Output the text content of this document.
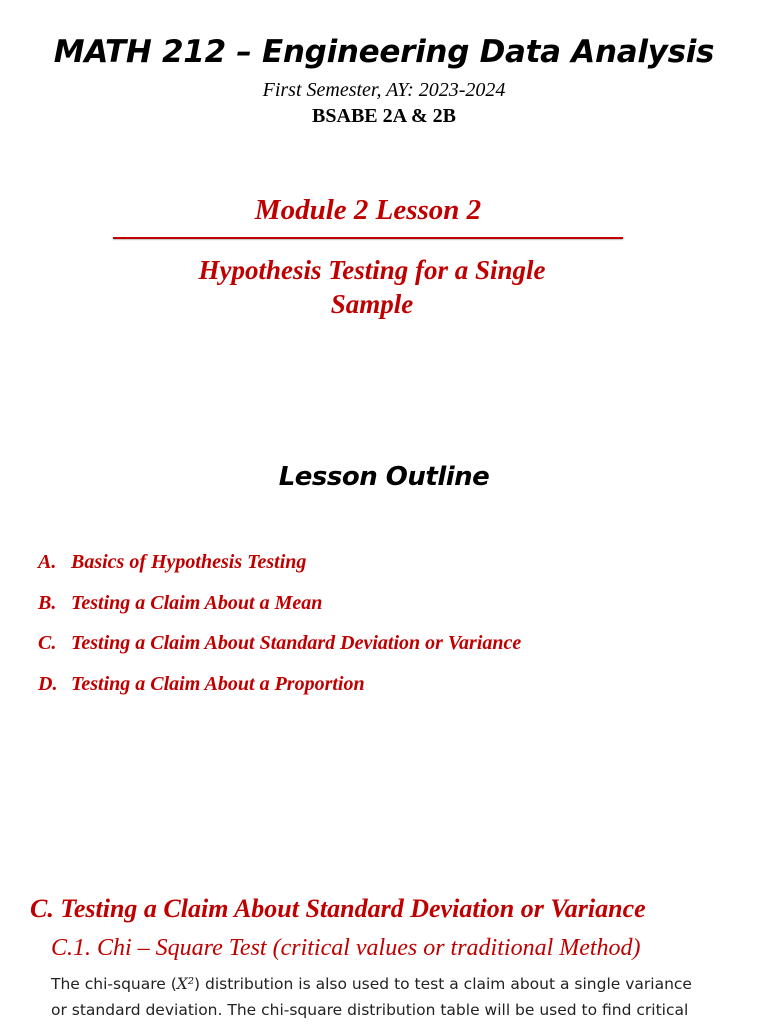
MATH 212 – Engineering Data Analysis
First Semester, AY: 2023-2024
BSABE 2A & 2B
Module 2 Lesson 2
Hypothesis Testing for a Single
Sample
Lesson Outline
A. Basics of Hypothesis Testing
B. Testing a Claim About a Mean
C. Testing a Claim About Standard Deviation or Variance
D. Testing a Claim About a Proportion
C. Testing a Claim About Standard Deviation or Variance
C.1. Chi – Square Test (critical values or traditional Method)
The chi-square (X²) distribution is also used to test a claim about a single variance
or standard deviation. The chi-square distribution table will be used to find critical
